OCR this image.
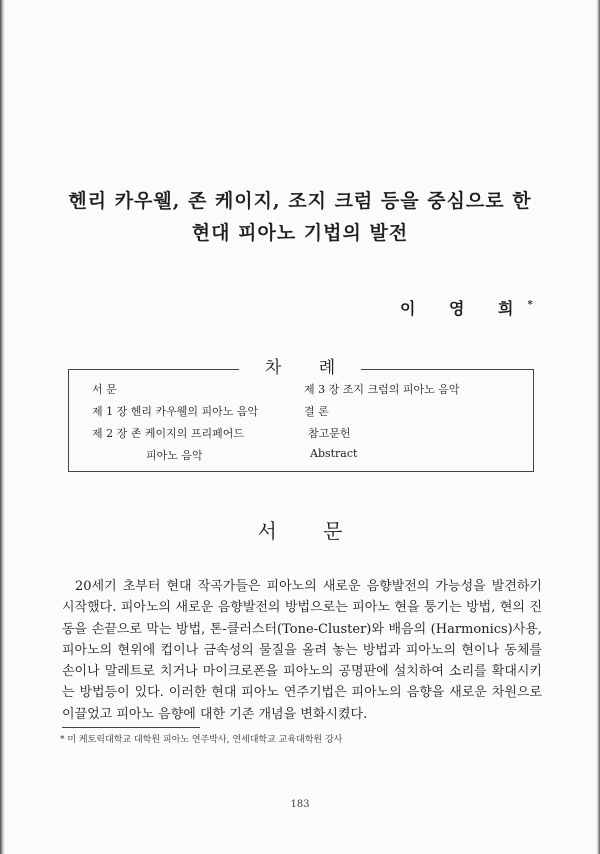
헨리 카우웰, 존 케이지, 조지 크럼 등을 중심으로 한
현대 피아노 기법의 발전
이 영 희*
차 례
서 문
제 1 장 헨리 카우웰의 피아노 음악
제 2 장 존 케이지의 프리페어드
피아노 음악
제 3 장 조지 크럼의 피아노 음악
결 론
참고문헌
Abstract
서 문

20세기 초부터 현대 작곡가들은 피아노의 새로운 음향발전의 가능성을 발견하기 시작했다. 피아노의 새로운 음향발전의 방법으로는 피아노 현을 퉁기는 방법, 현의 진동을 손끝으로 막는 방법, 톤-클러스터(Tone-Cluster)와 배음의 (Harmonics)사용, 피아노의 현위에 컵이나 금속성의 물질을 올려 놓는 방법과 피아노의 현이나 동체를 손이나 말레트로 치거나 마이크로폰을 피아노의 공명판에 설치하여 소리를 확대시키는 방법등이 있다. 이러한 현대 피아노 연주기법은 피아노의 음향을 새로운 차원으로 이끌었고 피아노 음향에 대한 기존 개념을 변화시켰다.

* 미 케토릭대학교 대학원 피아노 연주박사, 연세대학교 교육대학원 강사
183
